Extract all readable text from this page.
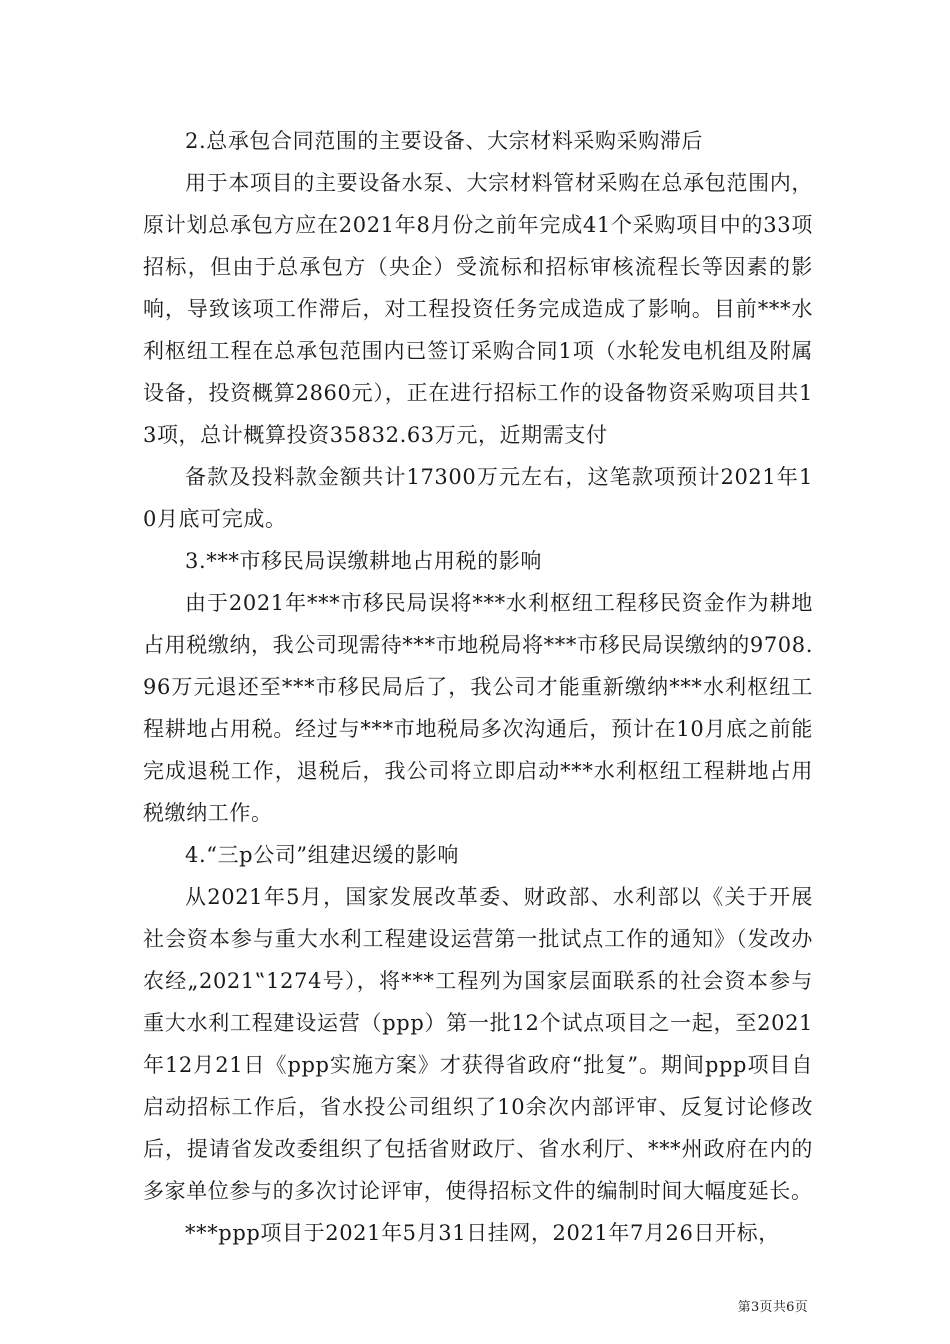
2.总承包合同范围的主要设备、大宗材料采购采购滞后

用于本项目的主要设备水泵、大宗材料管材采购在总承包范围内，原计划总承包方应在2021年8月份之前年完成41个采购项目中的33项招标，但由于总承包方（央企）受流标和招标审核流程长等因素的影响，导致该项工作滞后，对工程投资任务完成造成了影响。目前***水利枢纽工程在总承包范围内已签订采购合同1项（水轮发电机组及附属设备，投资概算2860元），正在进行招标工作的设备物资采购项目共13项，总计概算投资35832.63万元，近期需支付

备款及投料款金额共计17300万元左右，这笔款项预计2021年10月底可完成。

3.***市移民局误缴耕地占用税的影响

由于2021年***市移民局误将***水利枢纽工程移民资金作为耕地占用税缴纳，我公司现需待***市地税局将***市移民局误缴纳的9708.96万元退还至***市移民局后了，我公司才能重新缴纳***水利枢纽工程耕地占用税。经过与***市地税局多次沟通后，预计在10月底之前能完成退税工作，退税后，我公司将立即启动***水利枢纽工程耕地占用税缴纳工作。

4.“三p公司”组建迟缓的影响

从2021年5月，国家发展改革委、财政部、水利部以《关于开展社会资本参与重大水利工程建设运营第一批试点工作的通知》（发改办农经„2021‟1274号），将***工程列为国家层面联系的社会资本参与重大水利工程建设运营（ppp）第一批12个试点项目之一起，至2021年12月21日《ppp实施方案》才获得省政府“批复”。期间ppp项目自启动招标工作后，省水投公司组织了10余次内部评审、反复讨论修改后，提请省发改委组织了包括省财政厅、省水利厅、***州政府在内的多家单位参与的多次讨论评审，使得招标文件的编制时间大幅度延长。

***ppp项目于2021年5月31日挂网，2021年7月26日开标，

第3页共6页
